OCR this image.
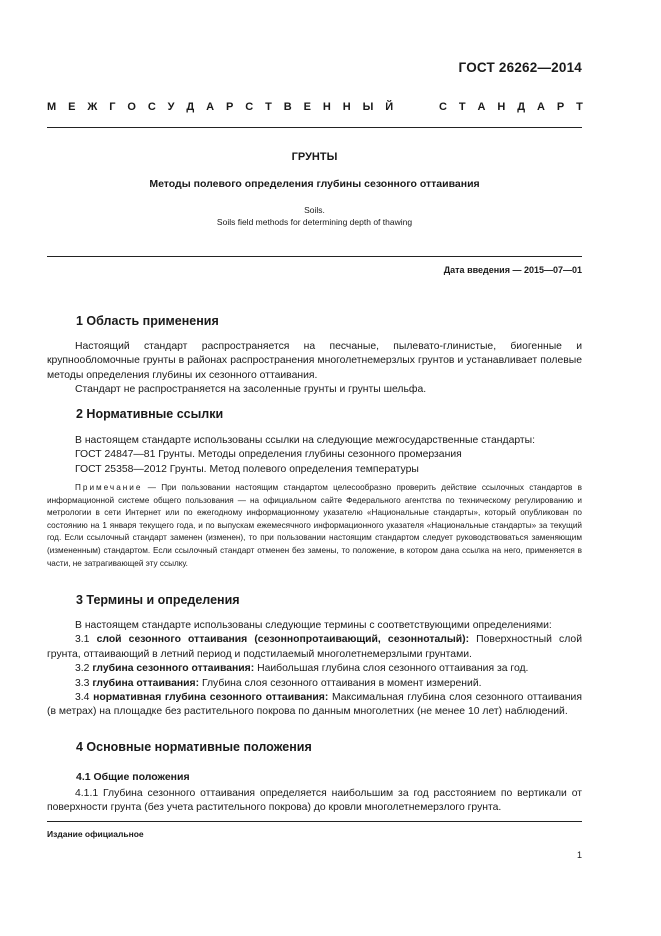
ГОСТ 26262—2014
М Е Ж Г О С У Д А Р С Т В Е Н Н Ы Й	С Т А Н Д А Р Т
ГРУНТЫ
Методы полевого определения глубины сезонного оттаивания
Soils.
Soils field methods for determining depth of thawing
Дата введения — 2015—07—01
1 Область применения

Настоящий стандарт распространяется на песчаные, пылевато-глинистые, биогенные и крупнообломочные грунты в районах распространения многолетнемерзлых грунтов и устанавливает полевые методы определения глубины их сезонного оттаивания.

Стандарт не распространяется на засоленные грунты и грунты шельфа.

2 Нормативные ссылки

В настоящем стандарте использованы ссылки на следующие межгосударственные стандарты:

ГОСТ 24847—81 Грунты. Методы определения глубины сезонного промерзания

ГОСТ 25358—2012 Грунты. Метод полевого определения температуры

Примечание — При пользовании настоящим стандартом целесообразно проверить действие ссылочных стандартов в информационной системе общего пользования — на официальном сайте Федерального агентства по техническому регулированию и метрологии в сети Интернет или по ежегодному информационному указателю «Национальные стандарты», который опубликован по состоянию на 1 января текущего года, и по выпускам ежемесячного информационного указателя «Национальные стандарты» за текущий год. Если ссылочный стандарт заменен (изменен), то при пользовании настоящим стандартом следует руководствоваться заменяющим (измененным) стандартом. Если ссылочный стандарт отменен без замены, то положение, в котором дана ссылка на него, применяется в части, не затрагивающей эту ссылку.

3 Термины и определения

В настоящем стандарте использованы следующие термины с соответствующими определениями:

3.1 слой сезонного оттаивания (сезоннопротаивающий, сезонноталый): Поверхностный слой грунта, оттаивающий в летний период и подстилаемый многолетнемерзлыми грунтами.

3.2 глубина сезонного оттаивания: Наибольшая глубина слоя сезонного оттаивания за год.

3.3 глубина оттаивания: Глубина слоя сезонного оттаивания в момент измерений.

3.4 нормативная глубина сезонного оттаивания: Максимальная глубина слоя сезонного оттаивания (в метрах) на площадке без растительного покрова по данным многолетних (не менее 10 лет) наблюдений.

4 Основные нормативные положения
4.1 Общие положения

4.1.1 Глубина сезонного оттаивания определяется наибольшим за год расстоянием по вертикали от поверхности грунта (без учета растительного покрова) до кровли многолетнемерзлого грунта.

Издание официальное
1
